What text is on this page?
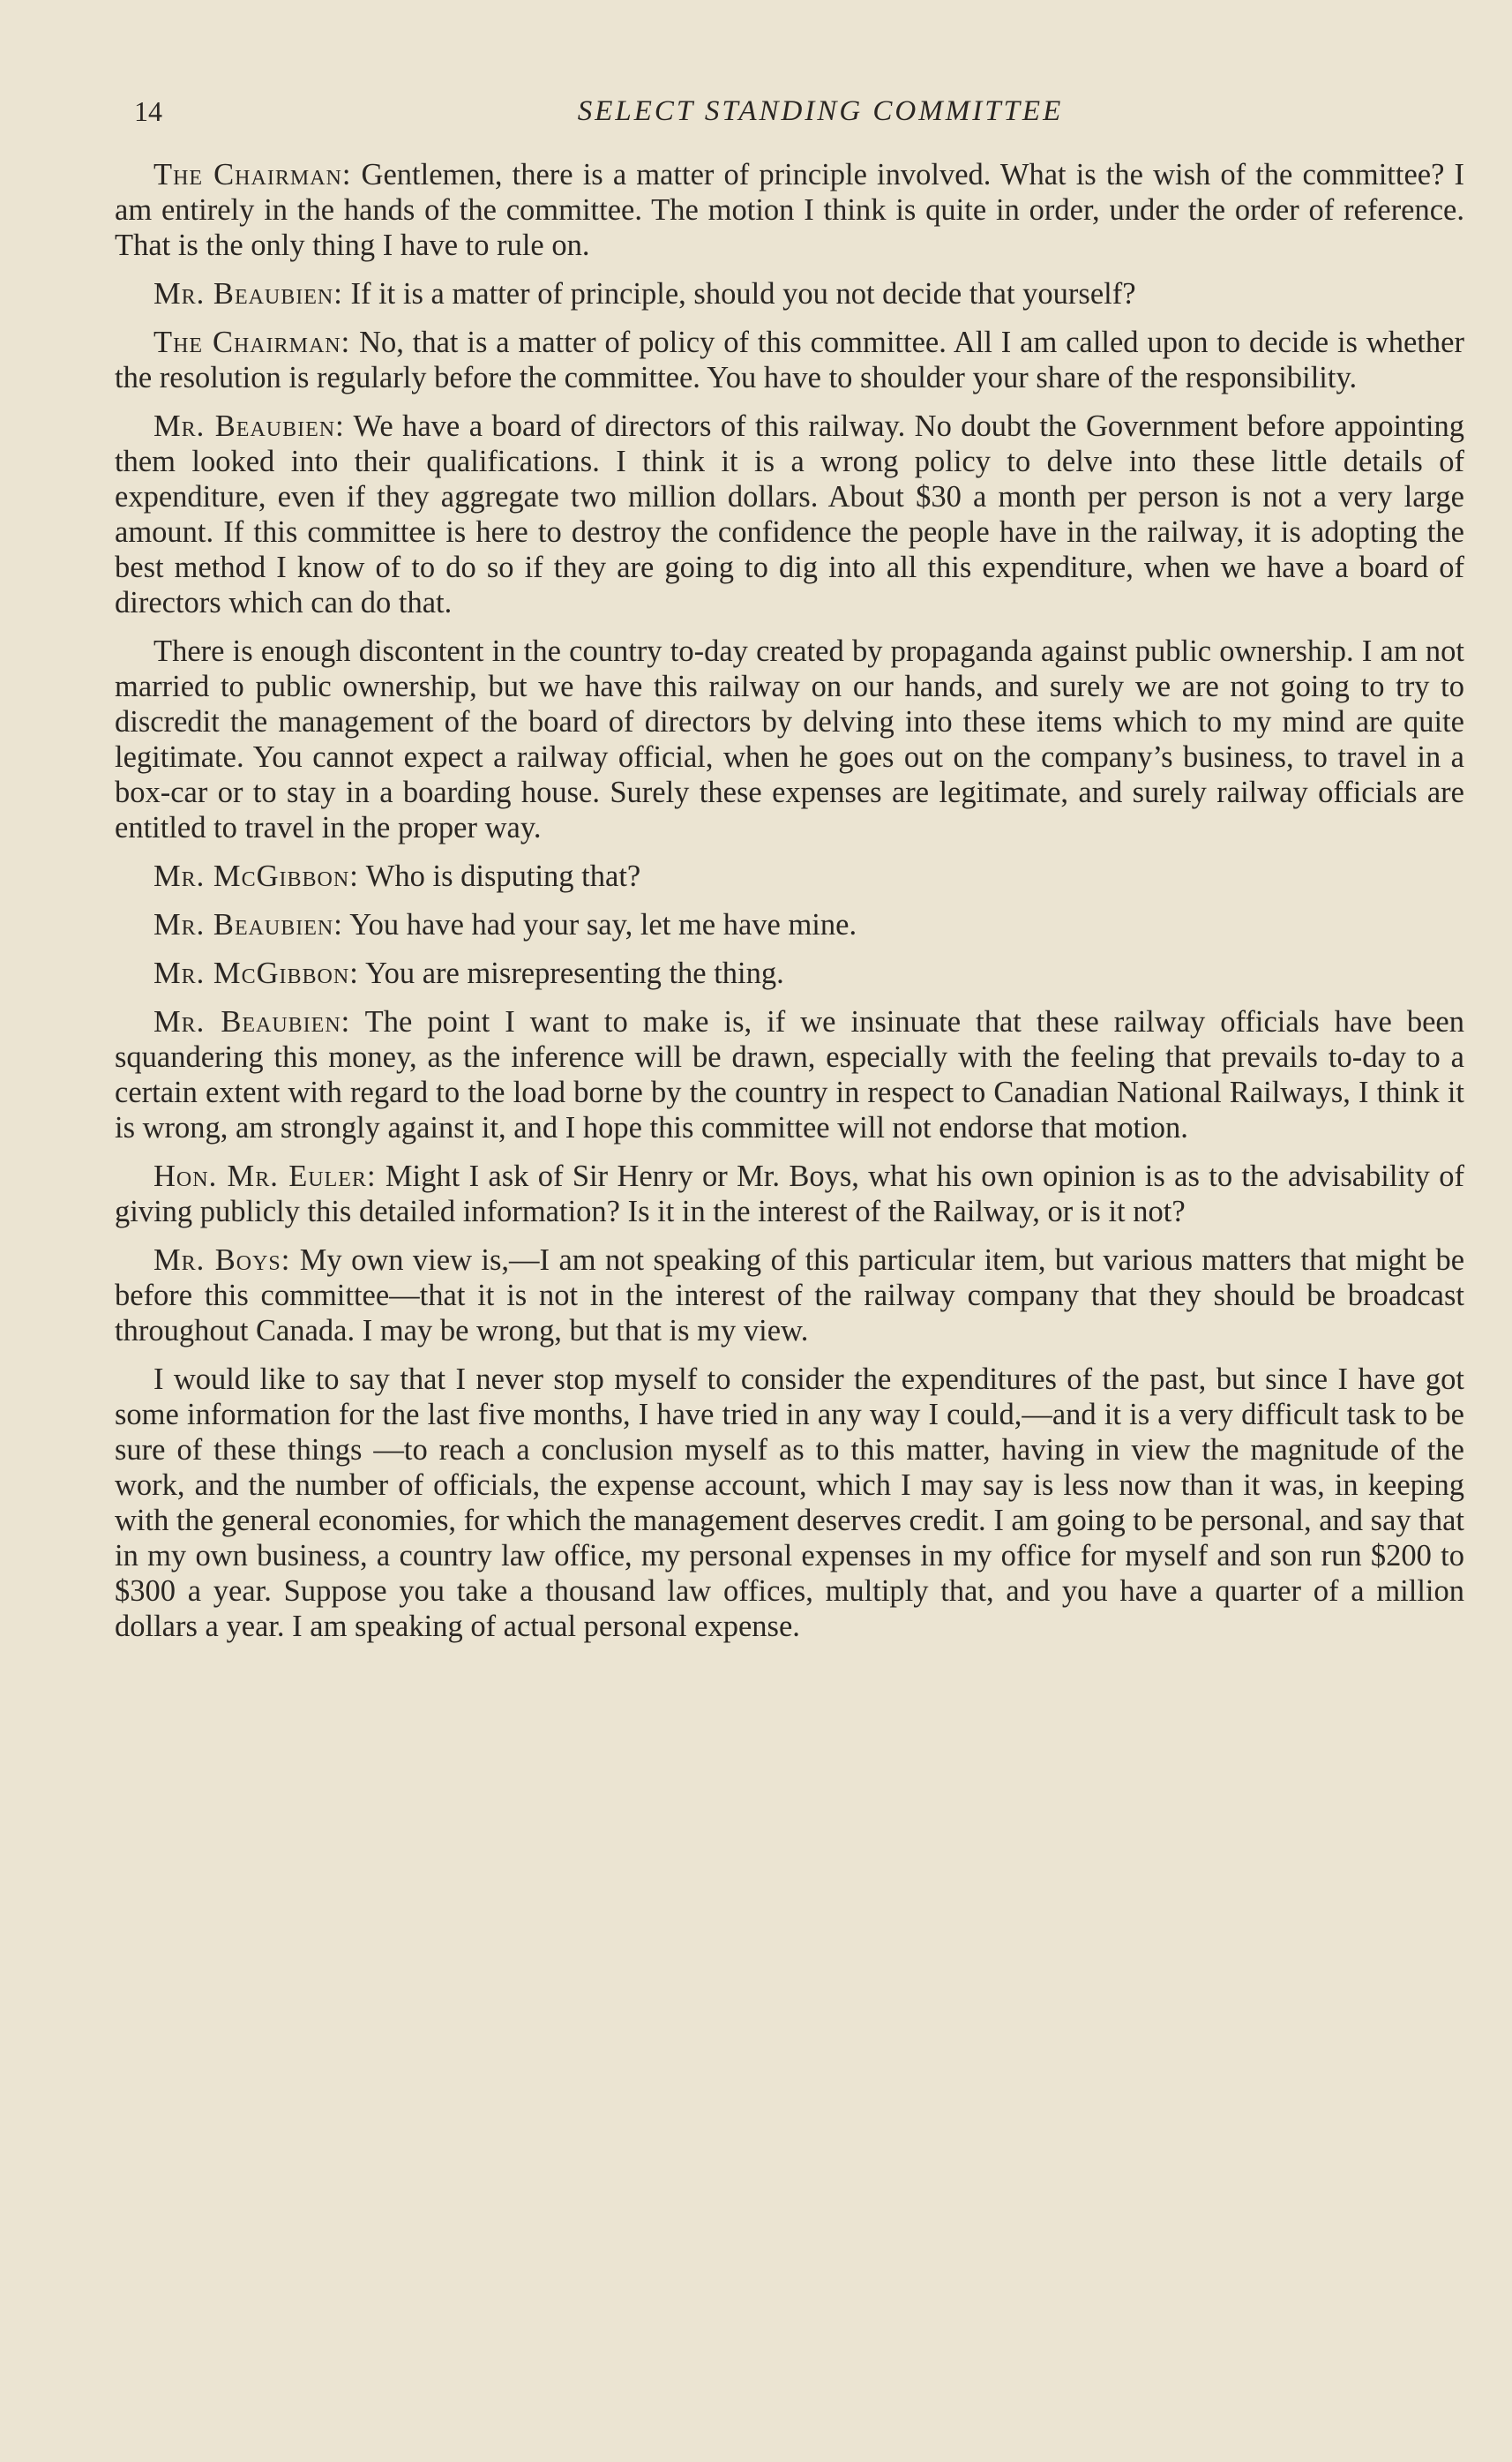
14	SELECT STANDING COMMITTEE

The Chairman: Gentlemen, there is a matter of principle involved. What is the wish of the committee? I am entirely in the hands of the committee. The motion I think is quite in order, under the order of reference. That is the only thing I have to rule on.

Mr. Beaubien: If it is a matter of principle, should you not decide that yourself?

The Chairman: No, that is a matter of policy of this committee. All I am called upon to decide is whether the resolution is regularly before the committee. You have to shoulder your share of the responsibility.

Mr. Beaubien: We have a board of directors of this railway. No doubt the Government before appointing them looked into their qualifications. I think it is a wrong policy to delve into these little details of expenditure, even if they aggregate two million dollars. About $30 a month per person is not a very large amount. If this committee is here to destroy the confidence the people have in the railway, it is adopting the best method I know of to do so if they are going to dig into all this expenditure, when we have a board of directors which can do that.

There is enough discontent in the country to-day created by propaganda against public ownership. I am not married to public ownership, but we have this railway on our hands, and surely we are not going to try to discredit the management of the board of directors by delving into these items which to my mind are quite legitimate. You cannot expect a railway official, when he goes out on the company’s business, to travel in a box-car or to stay in a boarding house. Surely these expenses are legitimate, and surely railway officials are entitled to travel in the proper way.

Mr. McGibbon: Who is disputing that?

Mr. Beaubien: You have had your say, let me have mine.

Mr. McGibbon: You are misrepresenting the thing.

Mr. Beaubien: The point I want to make is, if we insinuate that these railway officials have been squandering this money, as the inference will be drawn, especially with the feeling that prevails to-day to a certain extent with regard to the load borne by the country in respect to Canadian National Railways, I think it is wrong, am strongly against it, and I hope this committee will not endorse that motion.

Hon. Mr. Euler: Might I ask of Sir Henry or Mr. Boys, what his own opinion is as to the advisability of giving publicly this detailed information? Is it in the interest of the Railway, or is it not?

Mr. Boys: My own view is,—I am not speaking of this particular item, but various matters that might be before this committee—that it is not in the interest of the railway company that they should be broadcast throughout Canada. I may be wrong, but that is my view.

I would like to say that I never stop myself to consider the expenditures of the past, but since I have got some information for the last five months, I have tried in any way I could,—and it is a very difficult task to be sure of these things —to reach a conclusion myself as to this matter, having in view the magnitude of the work, and the number of officials, the expense account, which I may say is less now than it was, in keeping with the general economies, for which the management deserves credit. I am going to be personal, and say that in my own business, a country law office, my personal expenses in my office for myself and son run $200 to $300 a year. Suppose you take a thousand law offices, multiply that, and you have a quarter of a million dollars a year. I am speaking of actual personal expense.
